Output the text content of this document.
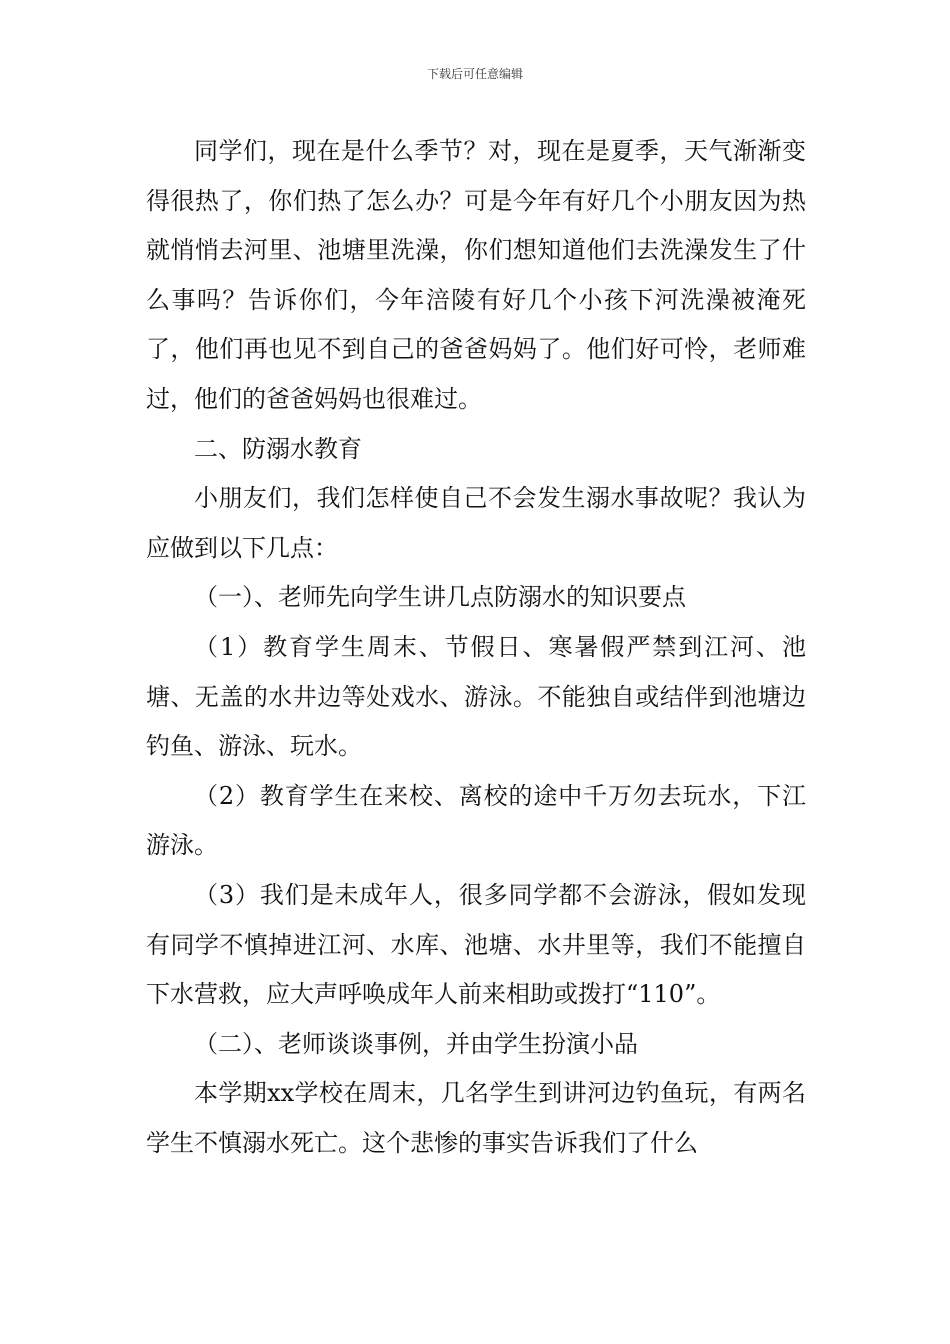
下载后可任意编辑

同学们，现在是什么季节？对，现在是夏季，天气渐渐变得很热了，你们热了怎么办？可是今年有好几个小朋友因为热就悄悄去河里、池塘里洗澡，你们想知道他们去洗澡发生了什么事吗？告诉你们，今年涪陵有好几个小孩下河洗澡被淹死了，他们再也见不到自己的爸爸妈妈了。他们好可怜，老师难过，他们的爸爸妈妈也很难过。

二、防溺水教育

小朋友们，我们怎样使自己不会发生溺水事故呢？我认为应做到以下几点：

（一）、老师先向学生讲几点防溺水的知识要点

（1）教育学生周末、节假日、寒暑假严禁到江河、池塘、无盖的水井边等处戏水、游泳。不能独自或结伴到池塘边钓鱼、游泳、玩水。

（2）教育学生在来校、离校的途中千万勿去玩水，下江游泳。

（3）我们是未成年人，很多同学都不会游泳，假如发现有同学不慎掉进江河、水库、池塘、水井里等，我们不能擅自下水营救，应大声呼唤成年人前来相助或拨打“110”。

（二）、老师谈谈事例，并由学生扮演小品

本学期xx学校在周末，几名学生到讲河边钓鱼玩，有两名学生不慎溺水死亡。这个悲惨的事实告诉我们了什么
